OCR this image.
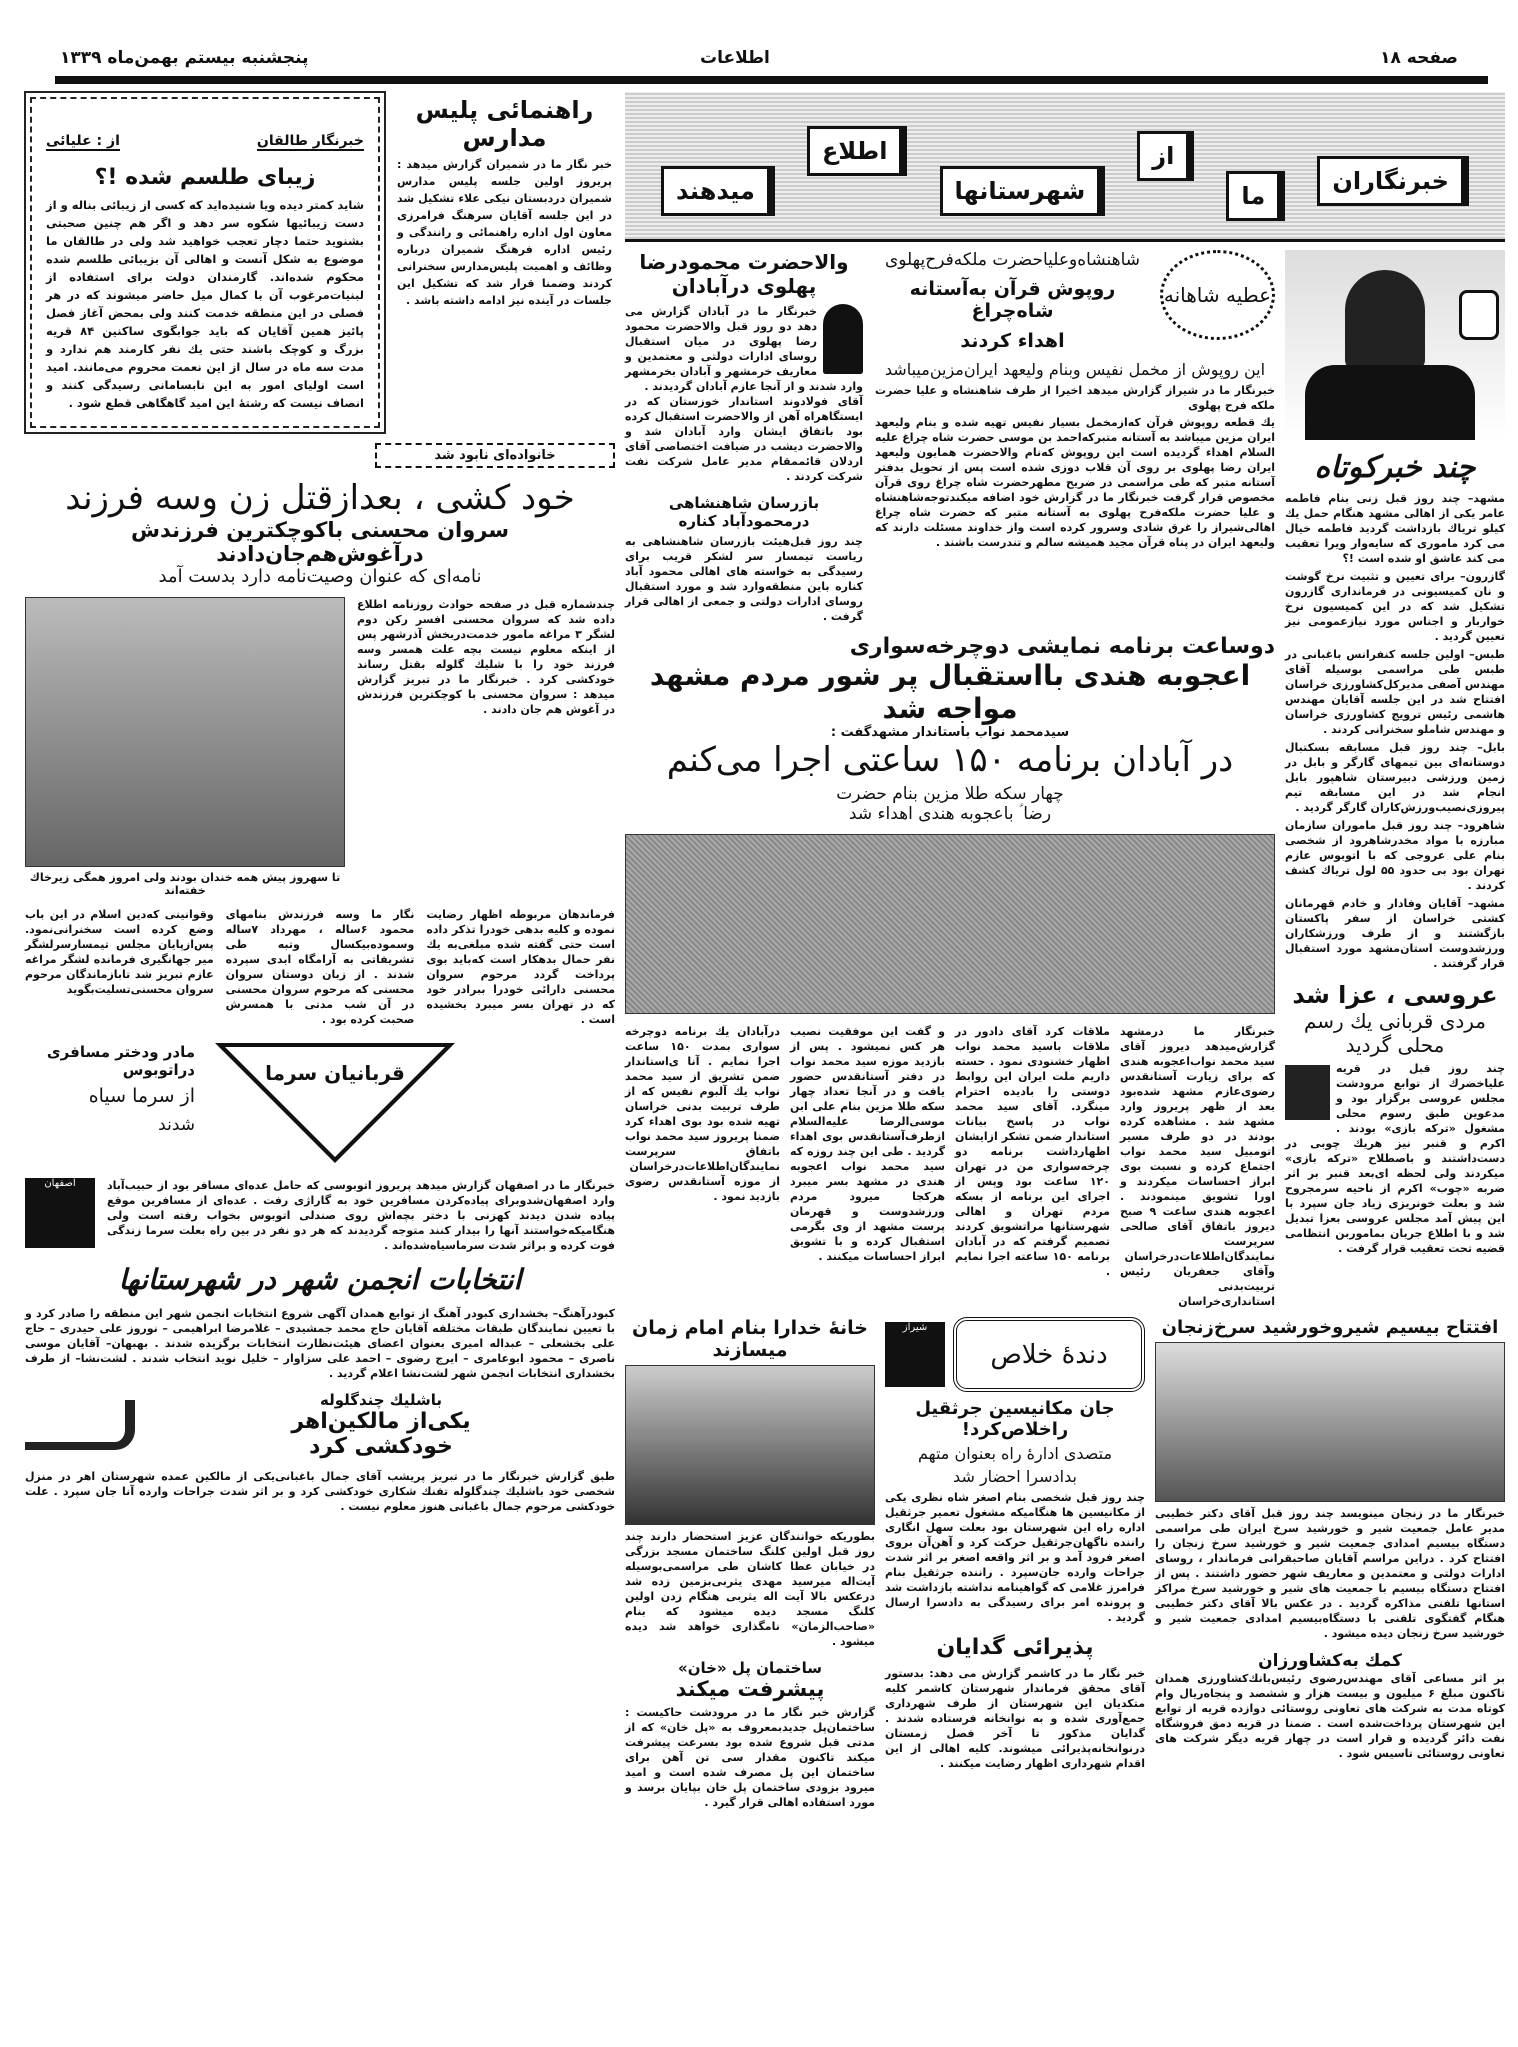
صفحه ۱۸
اطلاعات
پنجشنبه بیستم بهمن‌ماه ۱۳۳۹
خبرنگاران
ما
از
شهرستانها
اطلاع
میدهند
از : علیائی	خبرنگار طالقان
زیبای طلسم شده !؟
شاید کمتر دیده ویا شنیده‌اید که کسی از زیبائی بناله و از دست زیبائیها شکوه سر دهد و اگر هم چنین صحبتی بشنوید حتما دچار تعجب خواهید شد ولی در طالقان ما موضوع به شکل آنست و اهالی آن بزیبائی طلسم شده محکوم شده‌اند. گارمندان دولت برای استفاده از لبنیات‌مرغوب آن با کمال میل حاضر میشوند که در هر فصلی در این منطقه خدمت کنند ولی بمحض آغاز فصل پائیز همین آقایان که باید جوابگوی ساکنین ۸۴ قریه بزرگ و کوچک باشند حتی یك نفر کارمند هم ندارد و مدت سه ماه در سال از این نعمت محروم می‌مانند. امید است اولیای امور به این نابسامانی رسیدگی کنند و انصاف نیست که رشتهٔ این امید گاهگاهی قطع شود .
راهنمائی پلیس
مدارس
خبر نگار ما در شمیران گزارش میدهد : پریروز اولین جلسه پلیس مدارس شمیران دردبستان نیکی علاء تشکیل شد در این جلسه آقایان سرهنگ فرامرزی معاون اول اداره راهنمائی و رانندگی و رئیس اداره فرهنگ شمیران درباره وظائف و اهمیت پلیس‌مدارس سخنرانی کردند وضمنا قرار شد که تشکیل این جلسات در آینده نیز ادامه داشته باشد .
خانواده‌ای نابود شد
خود کشی ، بعدازقتل زن وسه فرزند
سروان محسنی باکوچکترین فرزندش درآغوش‌هم‌جان‌دادند
نامه‌ای که عنوان وصیت‌نامه دارد بدست آمد
تا سهروز پیش همه خندان بودند ولی امروز همگی زیرخاك خفته‌اند
چندشماره قبل در صفحه حوادث روزنامه اطلاع داده شد که سروان محسنی افسر رکن دوم لشگر ۳ مراغه مامور خدمت‌دربخش آذرشهر پس از اینکه معلوم نیست بچه علت همسر وسه فرزند خود را با شلیك گلوله بقتل رساند خودکشی کرد . خبرنگار ما در تبریز گزارش میدهد : سروان محسنی با کوچکترین فرزندش در آغوش هم جان دادند .
وقوانینی که‌دین اسلام در این باب وضع کرده است سخنرانی‌نمود. پس‌ازپایان مجلس تیمسارسر‌لشگر میر جهانگیری فرمانده لشگر مراغه عازم تبریز شد تابازماندگان مرحوم سروان محسنی‌تسلیت‌بگوید
نگار ما وسه فرزندش بنامهای محمود ۶ساله ، مهرداد ۷ساله وسموده‌بیکسال وتبه طی تشریفاتی به آرامگاه ابدی سپرده شدند . از زبان دوستان سروان محسنی که مرحوم سروان محسنی در آن شب مدتی با همسرش صحبت کرده بود .
فرماندهان مربوطه اظهار رضایت نموده و کلیه بدهی خودرا تذکر داده است حتی گفته شده مبلغی‌به یك نفر حمال بدهکار است که‌باید بوی پرداخت گردد مرحوم سروان محسنی دارائی خودرا ببرادر خود که در تهران بسر میبرد بخشیده است .
مادر ودختر مسافری دراتوبوس
از سرما سیاه
شدند
قربانیان سرما
اصفهان	خبرنگار ما در اصفهان گزارش میدهد پریروز اتوبوسی که حامل عده‌ای مسافر بود از حبیب‌آباد وارد اصفهان‌شدوبرای پیاده‌کردن مسافرین خود به گاراژی رفت . عده‌ای از مسافرین موقع پیاده شدن دیدند کهزنی با دختر بچه‌اش روی صندلی اتوبوس بخواب رفته است ولی هنگامیکه‌خواستند آنها را بیدار کنند متوجه گردیدند که هر دو نفر در بین راه بعلت سرما زندگی فوت کرده و براثر شدت سرماسیاه‌شده‌اند .
انتخابات انجمن شهر در شهرستانها
کبودرآهنگ– بخشداری کبودر آهنگ از توابع همدان آگهی شروع انتخابات انجمن شهر این منطقه را صادر کرد و با تعیین نمایندگان طبقات مختلفه آقایان حاج محمد جمشیدی – غلامرضا ابراهیمی – نوروز علی حیدری – حاج علی بخشعلی – عبداله امیری بعنوان اعضای هیئت‌نظارت انتخابات برگزیده شدند . بهبهان– آقایان موسی ناصری – محمود ابوعامری – ایرج رضوی – احمد علی سزاوار – خلیل نوید انتخاب شدند . لشت‌نشا– از طرف بخشداری انتخابات انجمن شهر لشت‌نشا اعلام گردید .
باشلیك چندگلوله
یکی‌از مالکین‌اهر
خودکشی کرد
طبق گزارش خبرنگار ما در تبریز پریشب آقای جمال باغبانی‌یکی از مالکین عمده شهرستان اهر در منزل شخصی خود باشلیك چندگلوله تفنك شکاری خودکشی کرد و بر اثر شدت جراحات وارده آنا جان سپرد . علت خودکشی مرحوم جمال باغبانی هنوز معلوم نیست .
والاحضرت محمودرضا پهلوی درآبادان

خبرنگار ما در آبادان گزارش می دهد دو روز قبل والاحضرت محمود رضا پهلوی در میان استقبال روسای ادارات دولتی و معتمدین و معاریف خرمشهر و آبادان بخرمشهر وارد شدند و از آنجا عازم آبادان گردیدند .

آقای فولادوند استاندار خوزستان که در ایستگاهراه آهن از والاحضرت استقبال کرده بود باتفاق ایشان وارد آبادان شد و والاحضرت دیشب در ضیافت اختصاصی آقای اردلان قائممقام مدیر عامل شرکت نفت شرکت کردند .

بازرسان شاهنشاهی
درمحمودآباد کناره
چند روز قبل‌هیئت بازرسان شاهنشاهی به ریاست تیمسار سر لشکر قریب برای رسیدگی به خواسته های اهالی محمود آباد کناره باین منطقه‌وارد شد و مورد استقبال روسای ادارات دولتی و جمعی از اهالی قرار گرفت .
شاهنشاه‌وعلیاحضرت ملکه‌فرح‌پهلوی
روپوش قرآن به‌آستانه شاه‌چراغ
اهداء کردند
عطیه شاهانه
این روپوش از مخمل نفیس وبنام ولیعهد ایران‌مزین‌میباشد
خبرنگار ما در شیراز گزارش میدهد اخیرا از طرف شاهنشاه و علیا حضرت ملکه فرح پهلوی
یك قطعه روپوش قرآن که‌ازمخمل بسیار نفیس تهیه شده و بنام ولیعهد ایران مزین میباشد به آستانه متبرکه‌احمد بن موسی حضرت شاه چراغ علیه السلام اهداء گردیده است این روپوش که‌نام والاحضرت همایون ولیعهد ایران رضا پهلوی بر روی آن قلاب دوزی شده است پس از تحویل بدفتر آستانه متبر که طی مراسمی در ضریح مطهرحضرت شاه چراغ روی قرآن مخصوص قرار گرفت خبرنگار ما در گزارش خود اضافه میکند‌توجه‌شاهنشاه و علیا حضرت ملکه‌فرح پهلوی به آستانه متبر که حضرت شاه چراغ اهالی‌شیراز را غرق شادی وسرور کرده است واز خداوند مسئلت دارند که ولیعهد ایران در پناه قرآن مجید همیشه سالم و تندرست باشند .
دوساعت برنامه نمایشی دوچرخه‌سواری
اعجوبه هندی بااستقبال پر شور مردم مشهد مواجه شد
سیدمحمد نواب باستاندار مشهدگفت :
در آبادان برنامه ۱۵۰ ساعتی اجرا می‌کنم
چهار سکه طلا مزین بنام حضرت
رضا ؑ باعجوبه هندی اهداء شد
درآبادان یك برنامه دوچرخه سواری بمدت ۱۵۰ ساعت اجرا نمایم . آنا ی‌استاندار ضمن تشریق از سید محمد نواب یك آلبوم نفیس که از طرف تربیت بدنی خراسان تهیه شده بود بوی اهداء کرد ضمنا پریروز سید محمد نواب باتفاق سرپرست نمایندگان‌اطلاعات‌درخراسان از موزه آستانقدس رضوی بازدید نمود .
و گفت این موفقیت نصیب هر کس نمیشود . پس از بازدید موزه سید محمد نواب در دفتر آستانقدس حضور یافت و در آنجا تعداد چهار سکه طلا مزین بنام علی ابن موسی‌الرضا علیه‌السلام ازطرف‌آستانقدس بوی اهداء گردید . طی این چند روزه که سید محمد نواب اعجوبه هندی در مشهد بسر میبرد هرکجا میرود مردم ورزشدوست و قهرمان پرست مشهد از وی بگرمی استقبال کرده و با تشویق ابراز احساسات میکنند .
ملاقات کرد آقای دادور در ملاقات باسید محمد نواب اظهار خشنودی نمود . حسته داریم ملت ایران این روابط دوستی را بادیده احترام مینگرد. آقای سید محمد نواب در پاسخ بیانات استاندار ضمن تشکر ازایشان اظهارداشت برنامه دو چرخه‌سواری من در تهران ۱۲۰ ساعت بود وپس از اجرای این برنامه از بسکه مردم تهران و اهالی شهرستانها مراتشویق کردند تصمیم گرفتم که در آبادان برنامه ۱۵۰ ساعته اجرا نمایم .
خبرنگار ما درمشهد گزارش‌میدهد دیروز آقای سید محمد نواب‌اعجوبه هندی که برای زیارت آستانقدس رضوی‌عازم مشهد شده‌بود بعد از ظهر پریروز وارد مشهد شد . مشاهده کرده بودند در دو طرف مسیر اتومبیل سید محمد نواب اجتماع کرده و نسبت بوی ابراز احساسات میکردند و اورا تشویق مینمودند . اعجوبه هندی ساعت ۹ صبح دیروز باتفاق آقای صالحی سرپرست نمایندگان‌اطلاعات‌درخراسان وآقای جعفریان رئیس تربیت‌بدنی استانداری‌خراسان
چند خبرکوتاه

مشهد– چند روز قبل زنی بنام فاطمه عامر یکی از اهالی مشهد هنگام حمل یك کیلو تریاك بازداشت گردید فاطمه خیال می کرد ماموری که سایه‌وار ویرا تعقیب می کند عاشق او شده است !؟

گازرون– برای تعیین و تثبیت نرخ گوشت و نان کمیسیونی در فرمانداری گازرون تشکیل شد که در این کمیسیون نرخ خواربار و اجناس مورد نیازعمومی نیز تعیین گردید .

طبس– اولین جلسه کنفرانس باغبانی در طبس طی مراسمی بوسیله آقای مهندس آصفی مدیرکل‌کشاورزی خراسان افتتاح شد در این جلسه آقایان مهندس هاشمی رئیس ترویج کشاورزی خراسان و مهندس شاملو سخنرانی کردند .

بابل– چند روز قبل مسابقه بسکتبال دوستانه‌ای بین تیمهای گارگر و بابل در زمین ورزشی دبیرستان شاهپور بابل انجام شد در این مسابقه تیم پیروزی‌نصیب‌ورزش‌کاران گارگر گردید .

شاهرود– چند روز قبل ماموران سازمان مبارزه با مواد مخدرشاهرود از شخصی بنام علی عروجی که با اتوبوس عازم تهران بود بی حدود ۵۵ لول تریاك کشف کردند .

مشهد– آقایان وفادار و خادم قهرمانان کشتی خراسان از سفر پاکستان بازگشتند و از طرف ورزشکاران ورزشدوست استان‌مشهد مورد استقبال قرار گرفتند .

عروسی ، عزا شد
مردی قربانی یك رسم محلی گردید
چند روز قبل در قریه علیاخضرك از توابع مرودشت مجلس عروسی برگزار بود و مدعوین طبق رسوم محلی مشغول «ترکه بازی» بودند . اکرم و قنبر نیز هریك چوبی در دست‌داشتند و باصطلاح «ترکه بازی» میکردند ولی لحظه ای‌بعد قنبر بر اثر ضربه «چوب» اکرم از ناحیه سرمجروح شد و بعلت خونریزی زیاد جان سپرد با این پیش آمد مجلس عروسی بعزا تبدیل شد و با اطلاع جریان بماموربن انتظامی قضیه تحت تعقیب قرار گرفت .
خانهٔ خدارا بنام امام زمان میسازند
بطوریکه خوانندگان عزیز استحضار دارند چند روز قبل اولین کلنگ ساختمان مسجد بزرگی در خیابان عطا کاشان طی مراسمی‌بوسیله آیت‌اله میرسید مهدی یثربی‌بزمین زده شد درعکس بالا آیت اله یثربی هنگام زدن اولین کلنگ مسجد دیده میشود که بنام «صاحب‌الزمان» نامگذاری خواهد شد دیده میشود .
ساختمان پل «خان»
پیشرفت میکند
گزارش خبر نگار ما در مرودشت حاکیست : ساختمان‌پل جدیدبمعروف به «پل خان» که از مدتی قبل شروع شده بود بسرعت پیشرفت میکند تاکنون مقدار سی تن آهن برای ساختمان این پل مصرف شده است و امید میرود بزودی ساختمان پل خان بپایان برسد و مورد استفاده اهالی قرار گیرد .
شیراز
دندهٔ خلاص
جان مکانیسین جرثقیل راخلاص‌کرد!
متصدی ادارهٔ راه بعنوان متهم
بدادسرا احضار شد
چند روز قبل شخصی بنام اصغر شاه نظری یکی از مکانیسین ها هنگامیکه مشغول تعمیر جرثقیل اداره راه این شهرستان بود بعلت سهل انگاری راننده ناگهان‌جرثقیل حرکت کرد و آهن‌آن بروی اصغر فرود آمد و بر اثر واقعه اصغر بر اثر شدت جراحات وارده جان‌سپرد . راننده جرثقیل بنام فرامرز غلامی که گواهینامه نداشته بازداشت شد و پرونده امر برای رسیدگی به دادسرا ارسال گردید .
پذیرائی گدایان
خبر نگار ما در کاشمر گزارش می دهد: بدستور آقای محقق فرماندار شهرستان کاشمر کلیه متکدیان این شهرستان از طرف شهرداری جمع‌آوری شده و به نوانخانه فرستاده شدند . گدایان مذکور تا آخر فصل زمستان درنوانخانه‌پذیرائی میشوند. کلیه اهالی از این اقدام شهرداری اظهار رضایت میکنند .
افتتاح بیسیم شیروخورشید سرخ‌زنجان
خبرنگار ما در زنجان مینویسد چند روز قبل آقای دکتر خطیبی مدیر عامل جمعیت شیر و خورشید سرخ ایران طی مراسمی دستگاه بیسیم امدادی جمعیت شیر و خورشید سرخ زنجان را افتتاح کرد . دراین مراسم آقایان صاحبقرانی فرماندار ، روسای ادارات دولتی و معتمدین و معاریف شهر حضور داشتند . پس از افتتاح دستگاه بیسیم با جمعیت های شیر و خورشید سرخ مراکز استانها تلفنی مذاکره گردید . در عکس بالا آقای دکتر خطیبی هنگام گفتگوی تلفنی با دستگاه‌بیسیم امدادی جمعیت شیر و خورشید سرخ زنجان دیده میشود .
کمك به‌کشاورزان
بر اثر مساعی آقای مهندس‌رضوی رئیس‌بانك‌کشاورزی همدان تاکنون مبلغ ۶ میلیون و بیست هزار و ششصد و پنجاه‌ریال وام کوتاه مدت به شرکت های تعاونی روستائی دوازده قریه از توابع این شهرستان پرداخت‌شده است . ضمنا در قریه دمق فروشگاه نفت دائر گردیده و قرار است در چهار قریه دیگر شرکت های تعاونی روستائی تاسیس شود .
